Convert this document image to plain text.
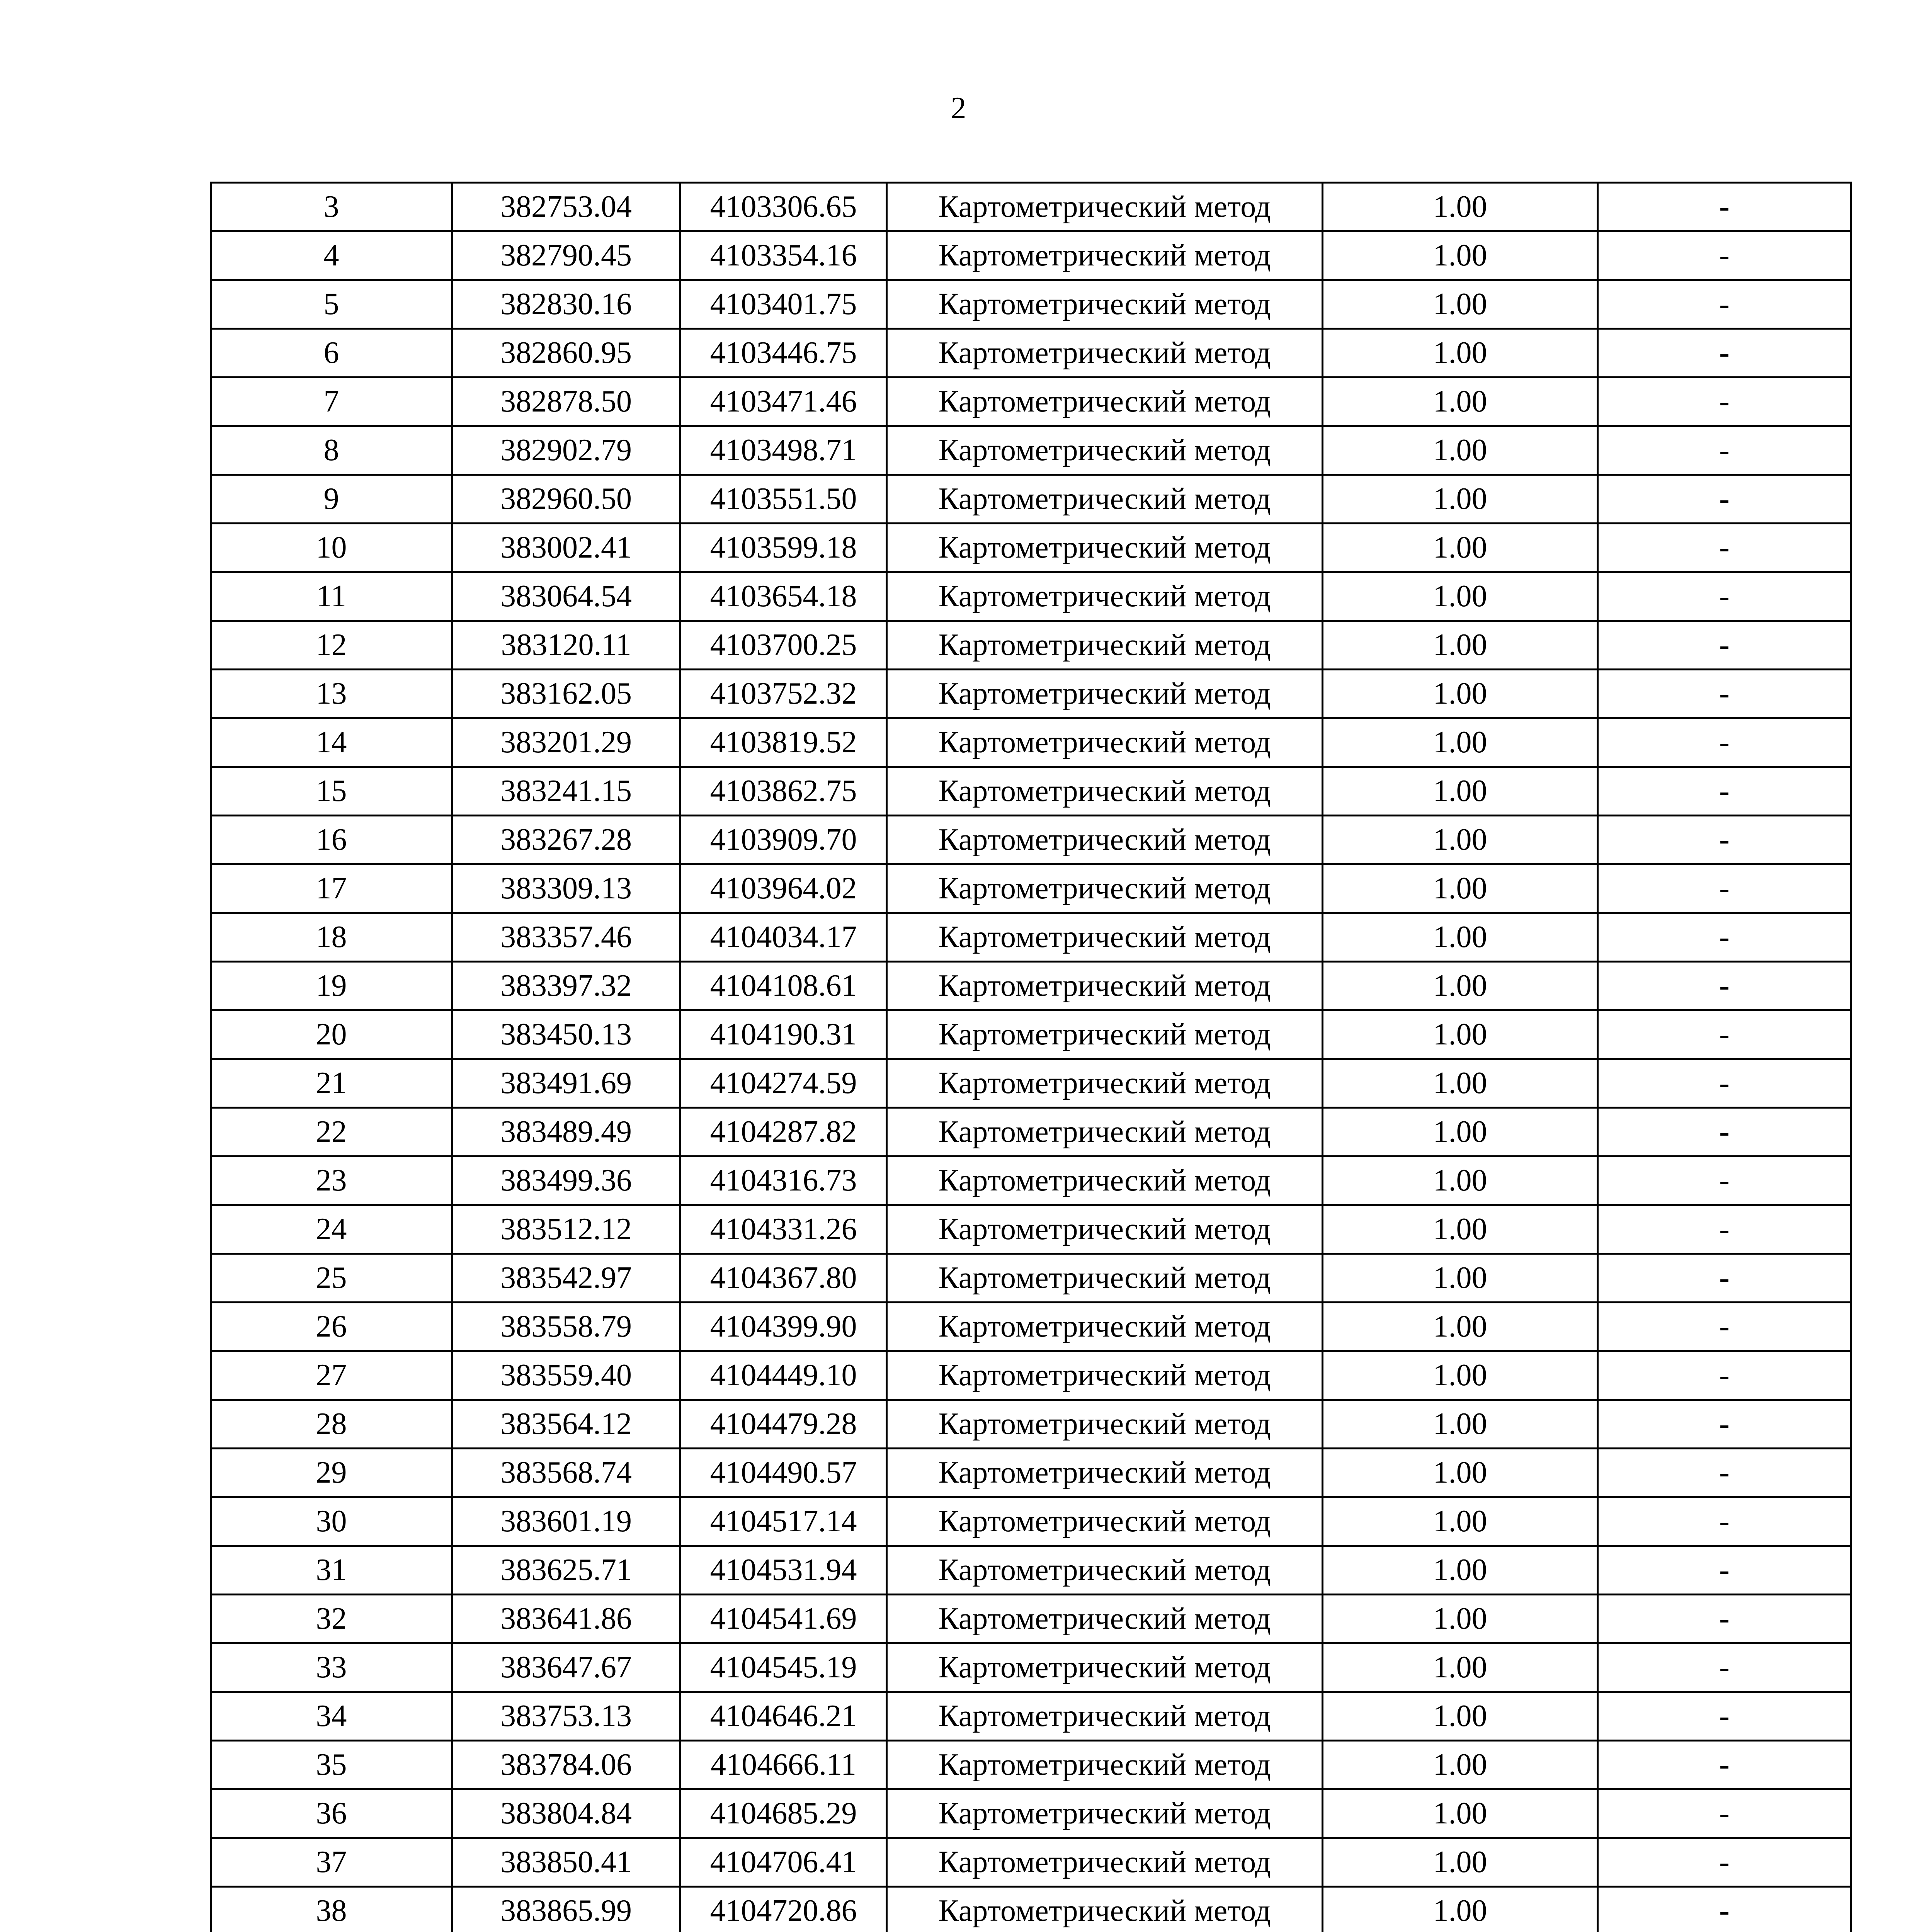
2
3	382753.04	4103306.65	Картометрический метод	1.00	-
4	382790.45	4103354.16	Картометрический метод	1.00	-
5	382830.16	4103401.75	Картометрический метод	1.00	-
6	382860.95	4103446.75	Картометрический метод	1.00	-
7	382878.50	4103471.46	Картометрический метод	1.00	-
8	382902.79	4103498.71	Картометрический метод	1.00	-
9	382960.50	4103551.50	Картометрический метод	1.00	-
10	383002.41	4103599.18	Картометрический метод	1.00	-
11	383064.54	4103654.18	Картометрический метод	1.00	-
12	383120.11	4103700.25	Картометрический метод	1.00	-
13	383162.05	4103752.32	Картометрический метод	1.00	-
14	383201.29	4103819.52	Картометрический метод	1.00	-
15	383241.15	4103862.75	Картометрический метод	1.00	-
16	383267.28	4103909.70	Картометрический метод	1.00	-
17	383309.13	4103964.02	Картометрический метод	1.00	-
18	383357.46	4104034.17	Картометрический метод	1.00	-
19	383397.32	4104108.61	Картометрический метод	1.00	-
20	383450.13	4104190.31	Картометрический метод	1.00	-
21	383491.69	4104274.59	Картометрический метод	1.00	-
22	383489.49	4104287.82	Картометрический метод	1.00	-
23	383499.36	4104316.73	Картометрический метод	1.00	-
24	383512.12	4104331.26	Картометрический метод	1.00	-
25	383542.97	4104367.80	Картометрический метод	1.00	-
26	383558.79	4104399.90	Картометрический метод	1.00	-
27	383559.40	4104449.10	Картометрический метод	1.00	-
28	383564.12	4104479.28	Картометрический метод	1.00	-
29	383568.74	4104490.57	Картометрический метод	1.00	-
30	383601.19	4104517.14	Картометрический метод	1.00	-
31	383625.71	4104531.94	Картометрический метод	1.00	-
32	383641.86	4104541.69	Картометрический метод	1.00	-
33	383647.67	4104545.19	Картометрический метод	1.00	-
34	383753.13	4104646.21	Картометрический метод	1.00	-
35	383784.06	4104666.11	Картометрический метод	1.00	-
36	383804.84	4104685.29	Картометрический метод	1.00	-
37	383850.41	4104706.41	Картометрический метод	1.00	-
38	383865.99	4104720.86	Картометрический метод	1.00	-
